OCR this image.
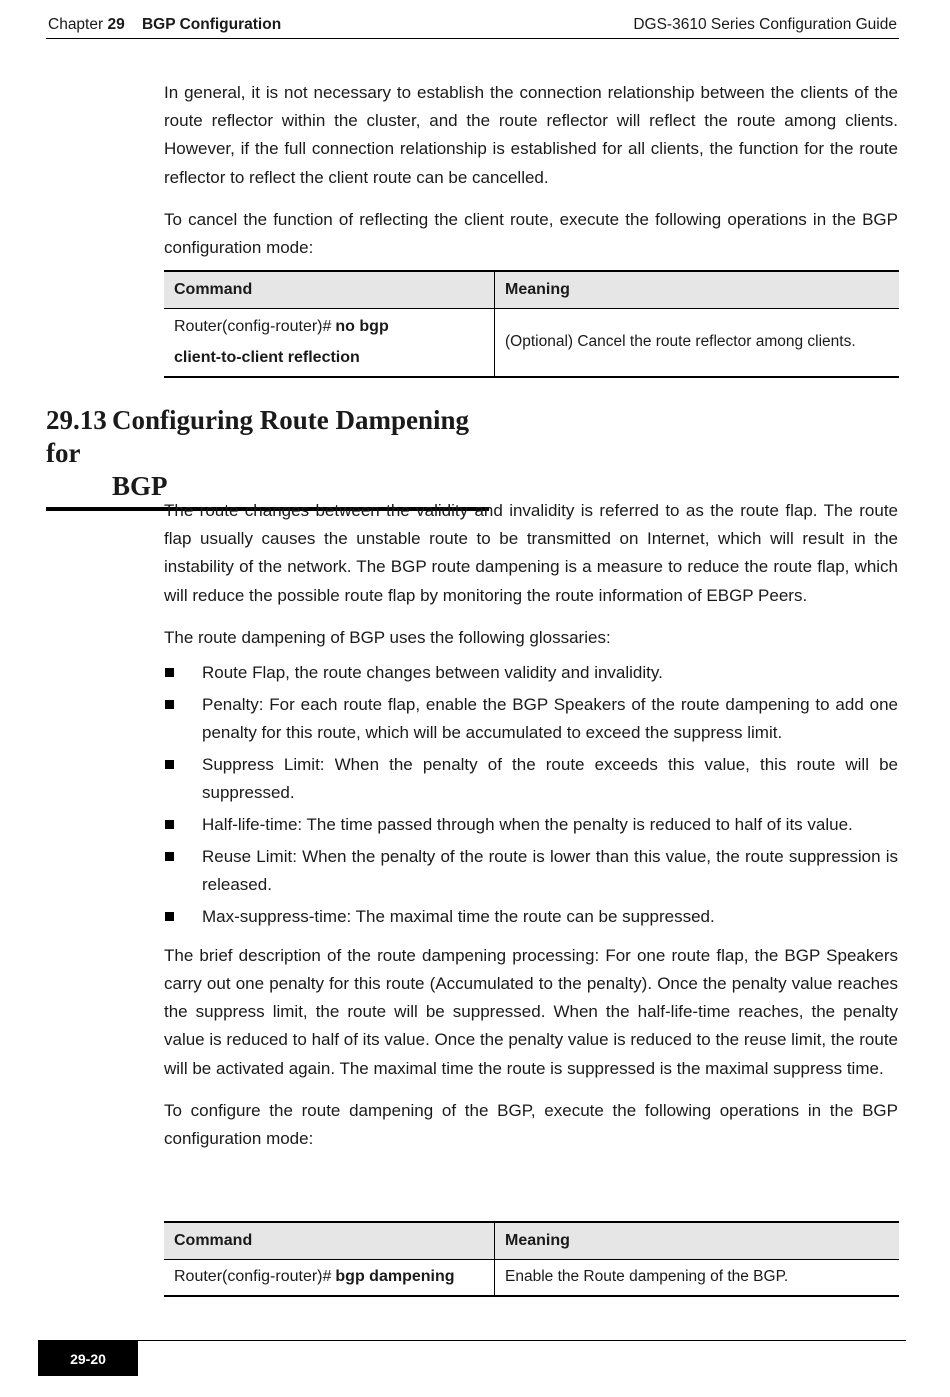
Chapter 29 BGP Configuration	DGS-3610 Series Configuration Guide

In general, it is not necessary to establish the connection relationship between the clients of the route reflector within the cluster, and the route reflector will reflect the route among clients. However, if the full connection relationship is established for all clients, the function for the route reflector to reflect the client route can be cancelled.

To cancel the function of reflecting the client route, execute the following operations in the BGP configuration mode:

Command	Meaning

Router(config-router)# no bgp
client-to-client reflection	(Optional) Cancel the route reflector among clients.
29.13 Configuring Route Dampening for
BGP

The route changes between the validity and invalidity is referred to as the route flap. The route flap usually causes the unstable route to be transmitted on Internet, which will result in the instability of the network. The BGP route dampening is a measure to reduce the route flap, which will reduce the possible route flap by monitoring the route information of EBGP Peers.

The route dampening of BGP uses the following glossaries:

Route Flap, the route changes between validity and invalidity.
Penalty: For each route flap, enable the BGP Speakers of the route dampening to add one penalty for this route, which will be accumulated to exceed the suppress limit.
Suppress Limit: When the penalty of the route exceeds this value, this route will be suppressed.
Half-life-time: The time passed through when the penalty is reduced to half of its value.
Reuse Limit: When the penalty of the route is lower than this value, the route suppression is released.
Max-suppress-time: The maximal time the route can be suppressed.

The brief description of the route dampening processing: For one route flap, the BGP Speakers carry out one penalty for this route (Accumulated to the penalty). Once the penalty value reaches the suppress limit, the route will be suppressed. When the half-life-time reaches, the penalty value is reduced to half of its value. Once the penalty value is reduced to the reuse limit, the route will be activated again. The maximal time the route is suppressed is the maximal suppress time.

To configure the route dampening of the BGP, execute the following operations in the BGP configuration mode:

Command	Meaning
Router(config-router)# bgp dampening	Enable the Route dampening of the BGP.
29-20
